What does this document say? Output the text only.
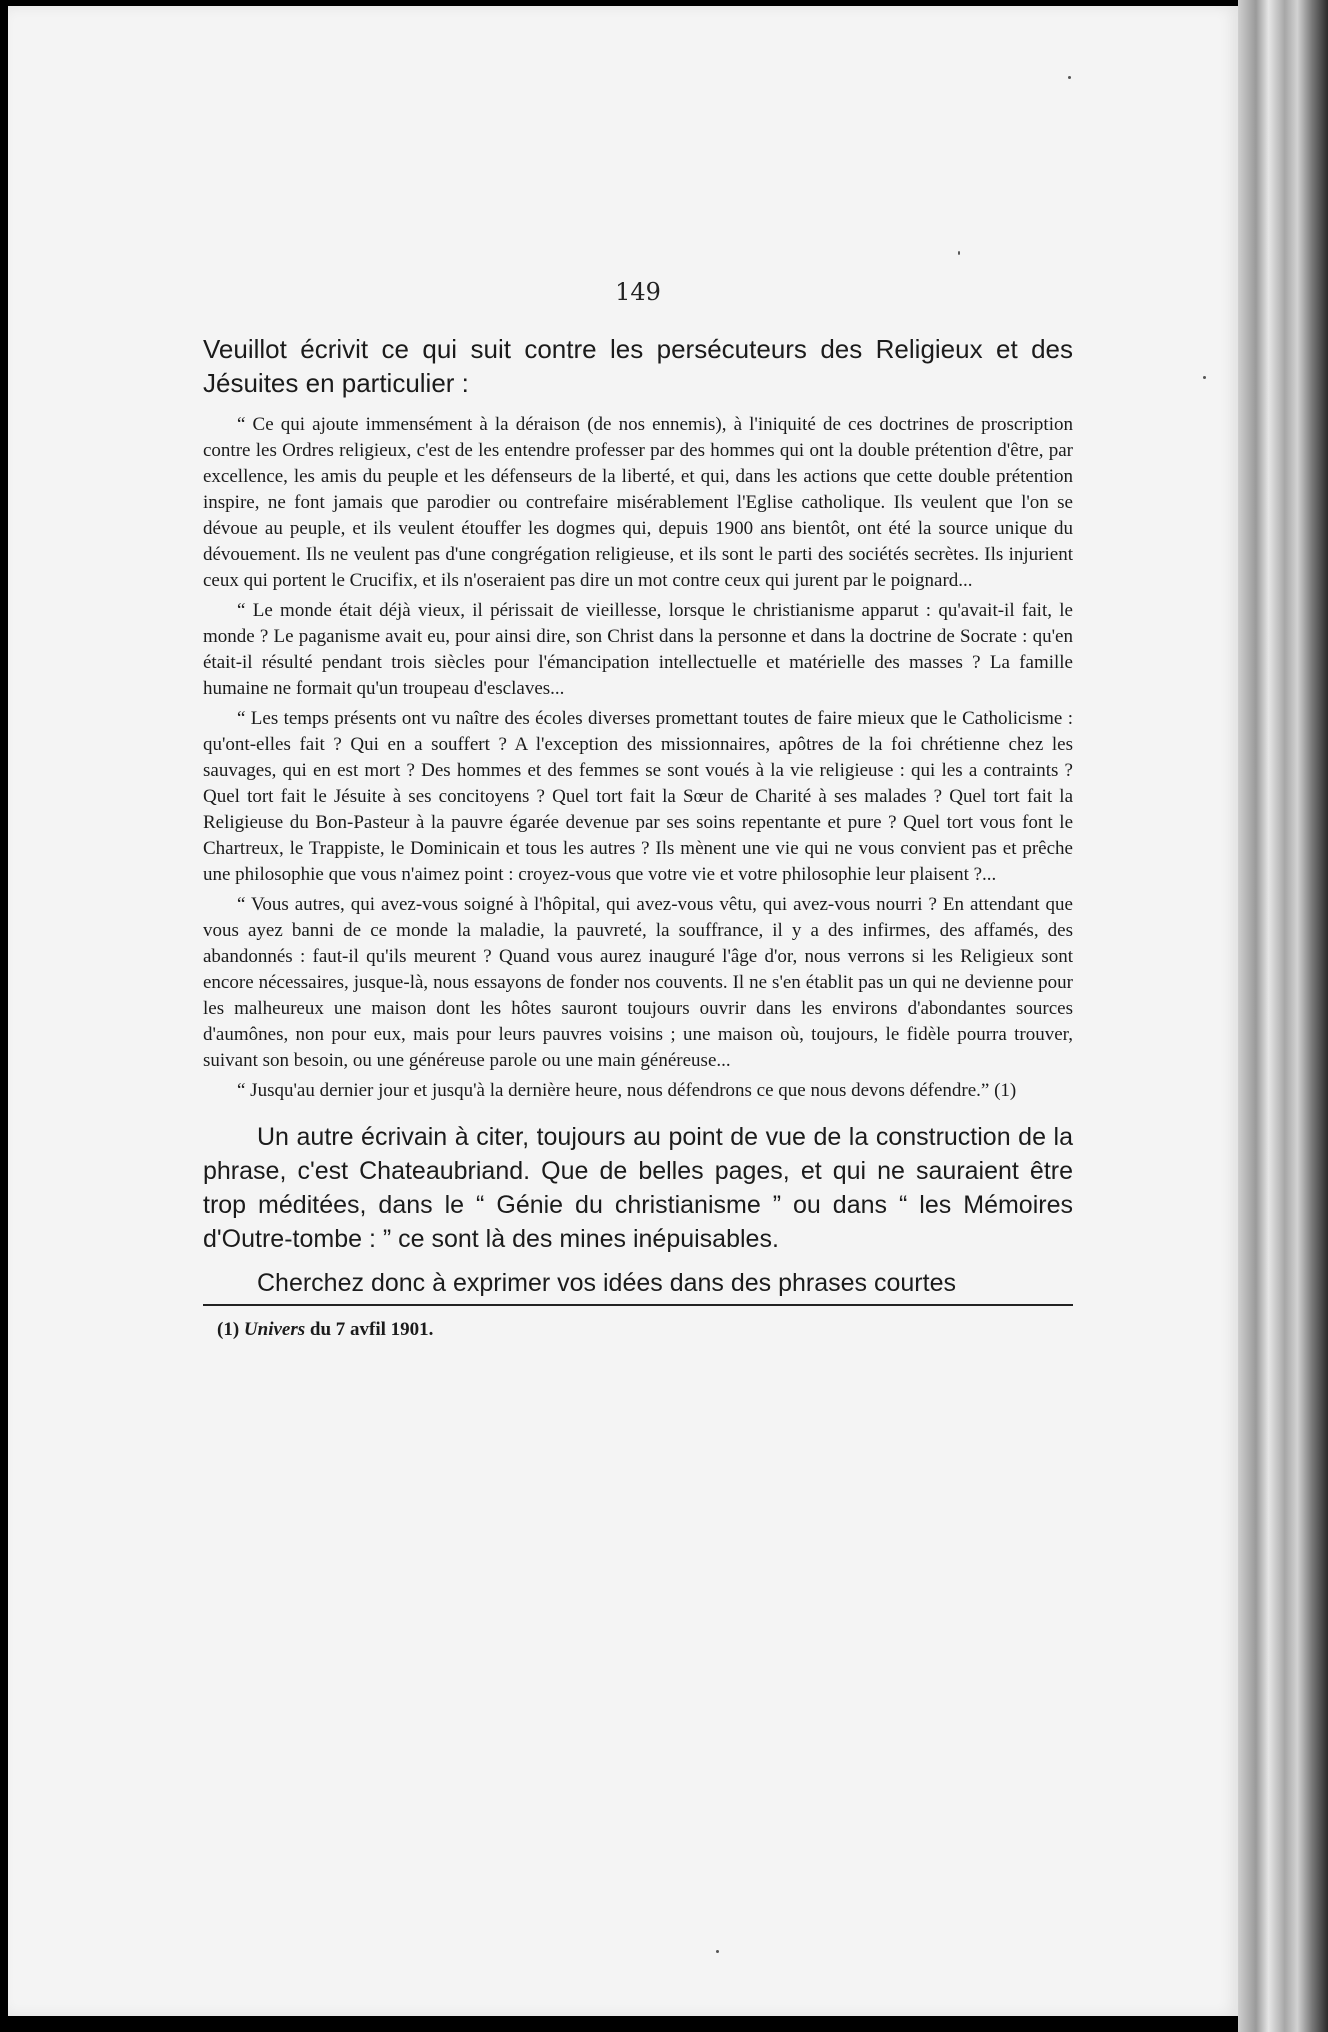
149

Veuillot écrivit ce qui suit contre les persécuteurs des Religieux et des Jésuites en particulier :

“ Ce qui ajoute immensément à la déraison (de nos ennemis), à l'iniquité de ces doctrines de proscription contre les Ordres religieux, c'est de les entendre professer par des hommes qui ont la double prétention d'être, par excellence, les amis du peuple et les défenseurs de la liberté, et qui, dans les actions que cette double prétention inspire, ne font jamais que parodier ou contrefaire misérablement l'Eglise catholique. Ils veulent que l'on se dévoue au peuple, et ils veulent étouffer les dogmes qui, depuis 1900 ans bientôt, ont été la source unique du dévouement. Ils ne veulent pas d'une congrégation religieuse, et ils sont le parti des sociétés secrètes. Ils injurient ceux qui portent le Crucifix, et ils n'oseraient pas dire un mot contre ceux qui jurent par le poignard...

“ Le monde était déjà vieux, il périssait de vieillesse, lorsque le christianisme apparut : qu'avait-il fait, le monde ? Le paganisme avait eu, pour ainsi dire, son Christ dans la personne et dans la doctrine de Socrate : qu'en était-il résulté pendant trois siècles pour l'émancipation intellectuelle et matérielle des masses ? La famille humaine ne formait qu'un troupeau d'esclaves...

“ Les temps présents ont vu naître des écoles diverses promettant toutes de faire mieux que le Catholicisme : qu'ont-elles fait ? Qui en a souffert ? A l'exception des missionnaires, apôtres de la foi chrétienne chez les sauvages, qui en est mort ? Des hommes et des femmes se sont voués à la vie religieuse : qui les a contraints ? Quel tort fait le Jésuite à ses concitoyens ? Quel tort fait la Sœur de Charité à ses malades ? Quel tort fait la Religieuse du Bon-Pasteur à la pauvre égarée devenue par ses soins repentante et pure ? Quel tort vous font le Chartreux, le Trappiste, le Dominicain et tous les autres ? Ils mènent une vie qui ne vous convient pas et prêche une philosophie que vous n'aimez point : croyez-vous que votre vie et votre philosophie leur plaisent ?...

“ Vous autres, qui avez-vous soigné à l'hôpital, qui avez-vous vêtu, qui avez-vous nourri ? En attendant que vous ayez banni de ce monde la maladie, la pauvreté, la souffrance, il y a des infirmes, des affamés, des abandonnés : faut-il qu'ils meurent ? Quand vous aurez inauguré l'âge d'or, nous verrons si les Religieux sont encore nécessaires, jusque-là, nous essayons de fonder nos couvents. Il ne s'en établit pas un qui ne devienne pour les malheureux une maison dont les hôtes sauront toujours ouvrir dans les environs d'abondantes sources d'aumônes, non pour eux, mais pour leurs pauvres voisins ; une maison où, toujours, le fidèle pourra trouver, suivant son besoin, ou une généreuse parole ou une main généreuse...

“ Jusqu'au dernier jour et jusqu'à la dernière heure, nous défendrons ce que nous devons défendre.” (1)

Un autre écrivain à citer, toujours au point de vue de la construction de la phrase, c'est Chateaubriand. Que de belles pages, et qui ne sauraient être trop méditées, dans le “ Génie du christianisme ” ou dans “ les Mémoires d'Outre-tombe : ” ce sont là des mines inépuisables.

Cherchez donc à exprimer vos idées dans des phrases courtes

(1) Univers du 7 avfil 1901.
